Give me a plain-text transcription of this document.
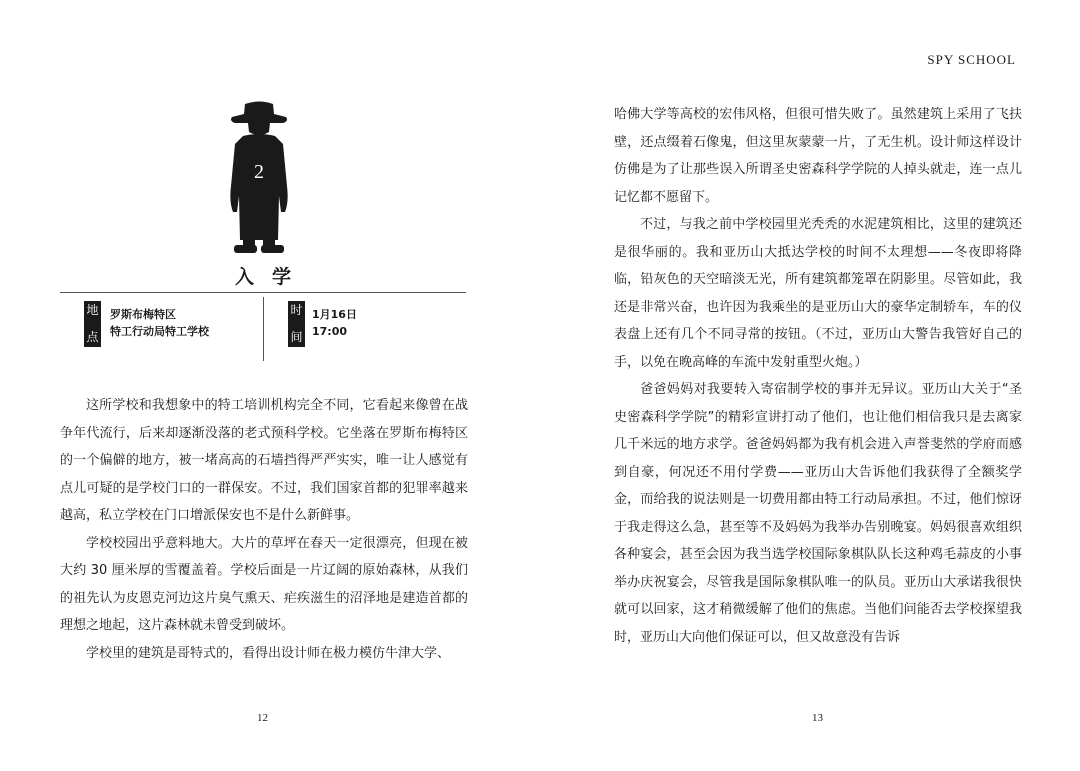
2
入学
地
点
罗斯布梅特区
特工行动局特工学校
时
间
1月16日
17:00

这所学校和我想象中的特工培训机构完全不同，它看起来像曾在战争年代流行，后来却逐渐没落的老式预科学校。它坐落在罗斯布梅特区的一个偏僻的地方，被一堵高高的石墙挡得严严实实，唯一让人感觉有点儿可疑的是学校门口的一群保安。不过，我们国家首都的犯罪率越来越高，私立学校在门口增派保安也不是什么新鲜事。

学校校园出乎意料地大。大片的草坪在春天一定很漂亮，但现在被大约 30 厘米厚的雪覆盖着。学校后面是一片辽阔的原始森林，从我们的祖先认为皮恩克河边这片臭气熏天、疟疾滋生的沼泽地是建造首都的理想之地起，这片森林就未曾受到破坏。

学校里的建筑是哥特式的，看得出设计师在极力模仿牛津大学、

12
SPY SCHOOL

哈佛大学等高校的宏伟风格，但很可惜失败了。虽然建筑上采用了飞扶壁，还点缀着石像鬼，但这里灰蒙蒙一片，了无生机。设计师这样设计仿佛是为了让那些误入所谓圣史密森科学学院的人掉头就走，连一点儿记忆都不愿留下。

不过，与我之前中学校园里光秃秃的水泥建筑相比，这里的建筑还是很华丽的。我和亚历山大抵达学校的时间不太理想——冬夜即将降临，铅灰色的天空暗淡无光，所有建筑都笼罩在阴影里。尽管如此，我还是非常兴奋，也许因为我乘坐的是亚历山大的豪华定制轿车，车的仪表盘上还有几个不同寻常的按钮。（不过，亚历山大警告我管好自己的手，以免在晚高峰的车流中发射重型火炮。）

爸爸妈妈对我要转入寄宿制学校的事并无异议。亚历山大关于“圣史密森科学学院”的精彩宣讲打动了他们，也让他们相信我只是去离家几千米远的地方求学。爸爸妈妈都为我有机会进入声誉斐然的学府而感到自豪，何况还不用付学费——亚历山大告诉他们我获得了全额奖学金，而给我的说法则是一切费用都由特工行动局承担。不过，他们惊讶于我走得这么急，甚至等不及妈妈为我举办告别晚宴。妈妈很喜欢组织各种宴会，甚至会因为我当选学校国际象棋队队长这种鸡毛蒜皮的小事举办庆祝宴会，尽管我是国际象棋队唯一的队员。亚历山大承诺我很快就可以回家，这才稍微缓解了他们的焦虑。当他们问能否去学校探望我时，亚历山大向他们保证可以，但又故意没有告诉

13
